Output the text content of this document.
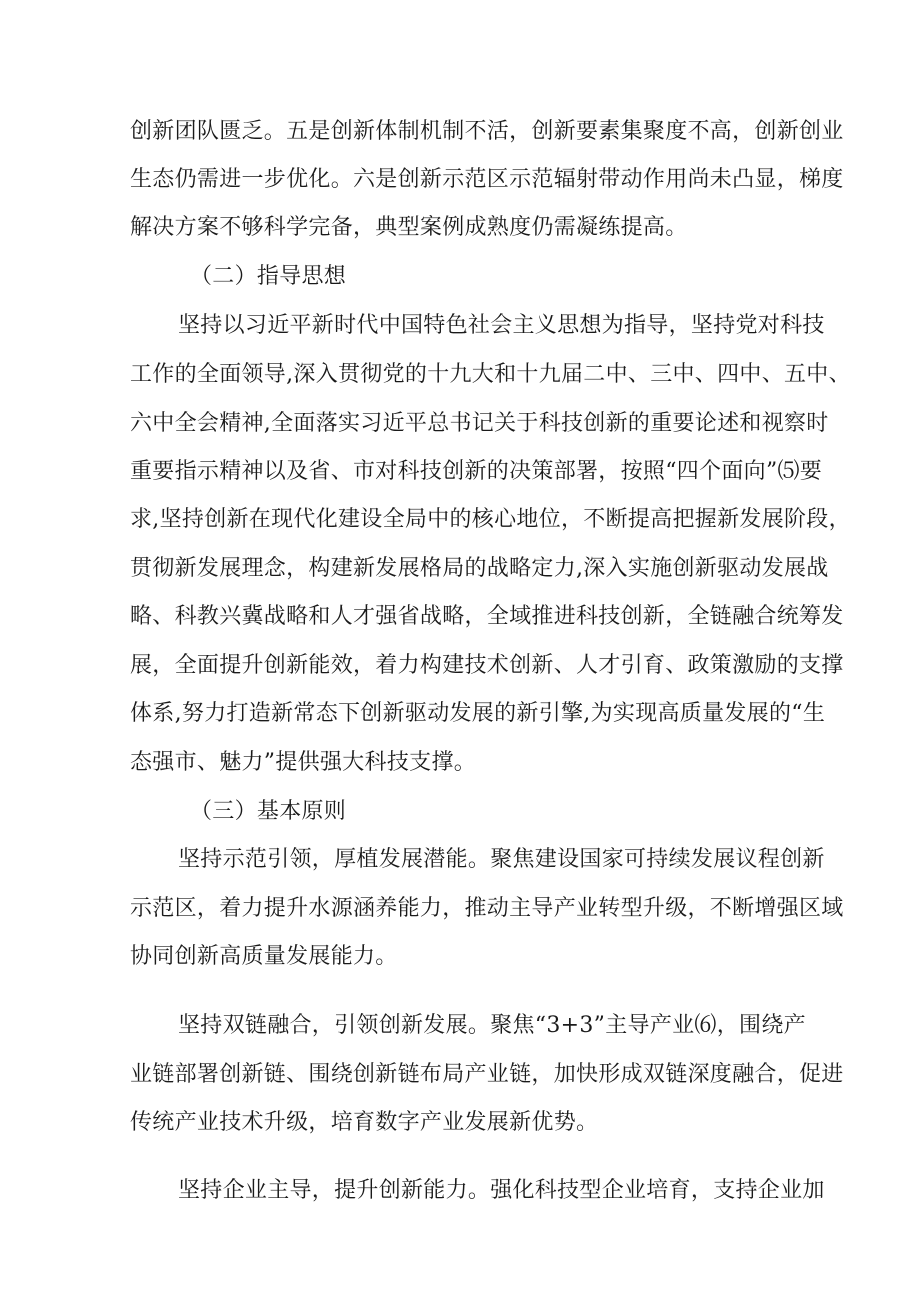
创新团队匮乏。五是创新体制机制不活，创新要素集聚度不高，创新创业
生态仍需进一步优化。六是创新示范区示范辐射带动作用尚未凸显，梯度
解决方案不够科学完备，典型案例成熟度仍需凝练提高。
（二）指导思想
坚持以习近平新时代中国特色社会主义思想为指导，坚持党对科技
工作的全面领导,深入贯彻党的十九大和十九届二中、三中、四中、五中、
六中全会精神,全面落实习近平总书记关于科技创新的重要论述和视察时
重要指示精神以及省、市对科技创新的决策部署，按照“四个面向”⑸要
求,坚持创新在现代化建设全局中的核心地位，不断提高把握新发展阶段，
贯彻新发展理念，构建新发展格局的战略定力,深入实施创新驱动发展战
略、科教兴冀战略和人才强省战略，全域推进科技创新，全链融合统筹发
展，全面提升创新能效，着力构建技术创新、人才引育、政策激励的支撑
体系,努力打造新常态下创新驱动发展的新引擎,为实现高质量发展的“生
态强市、魅力”提供强大科技支撑。
（三）基本原则
坚持示范引领，厚植发展潜能。聚焦建设国家可持续发展议程创新
示范区，着力提升水源涵养能力，推动主导产业转型升级，不断增强区域
协同创新高质量发展能力。
坚持双链融合，引领创新发展。聚焦“3+3”主导产业⑹，围绕产
业链部署创新链、围绕创新链布局产业链，加快形成双链深度融合，促进
传统产业技术升级，培育数字产业发展新优势。
坚持企业主导，提升创新能力。强化科技型企业培育，支持企业加
